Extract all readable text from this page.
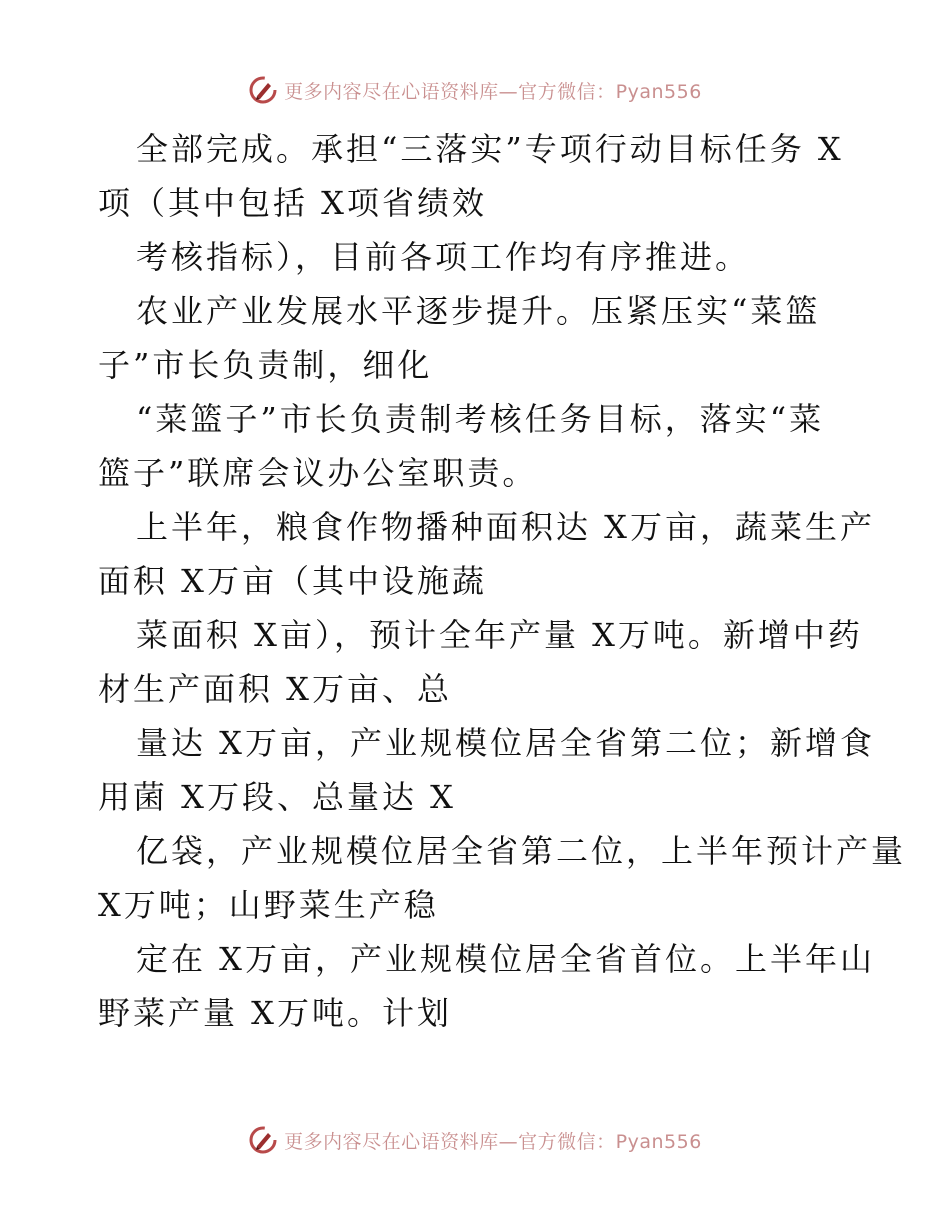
更多内容尽在心语资料库—官方微信：Pyan556
全部完成。承担“三落实”专项行动目标任务 X
项（其中包括 X项省绩效
考核指标），目前各项工作均有序推进。
农业产业发展水平逐步提升。压紧压实“菜篮
子”市长负责制，细化
“菜篮子”市长负责制考核任务目标，落实“菜
篮子”联席会议办公室职责。
上半年，粮食作物播种面积达 X万亩，蔬菜生产
面积 X万亩（其中设施蔬
菜面积 X亩），预计全年产量 X万吨。新增中药
材生产面积 X万亩、总
量达 X万亩，产业规模位居全省第二位；新增食
用菌 X万段、总量达 X
亿袋，产业规模位居全省第二位，上半年预计产量
X万吨；山野菜生产稳
定在 X万亩，产业规模位居全省首位。上半年山
野菜产量 X万吨。计划
更多内容尽在心语资料库—官方微信：Pyan556
